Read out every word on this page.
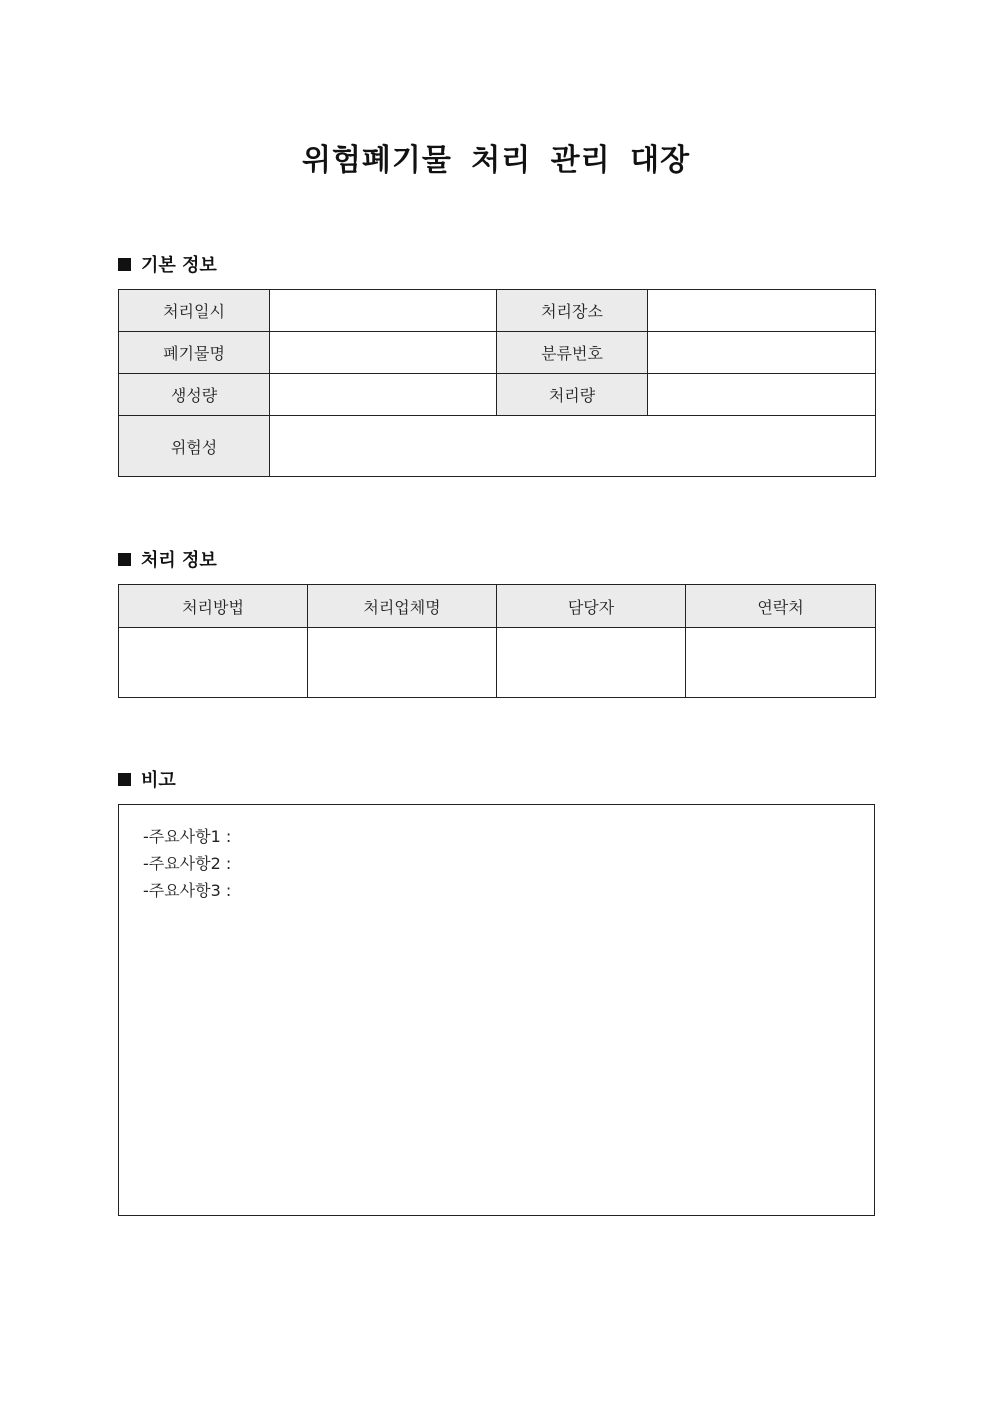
위험폐기물 처리 관리 대장
기본 정보
처리일시		처리장소	
폐기물명		분류번호	
생성량		처리량	
위험성			
처리 정보
처리방법	처리업체명	담당자	연락처

비고
-주요사항1 :
-주요사항2 :
-주요사항3 :
